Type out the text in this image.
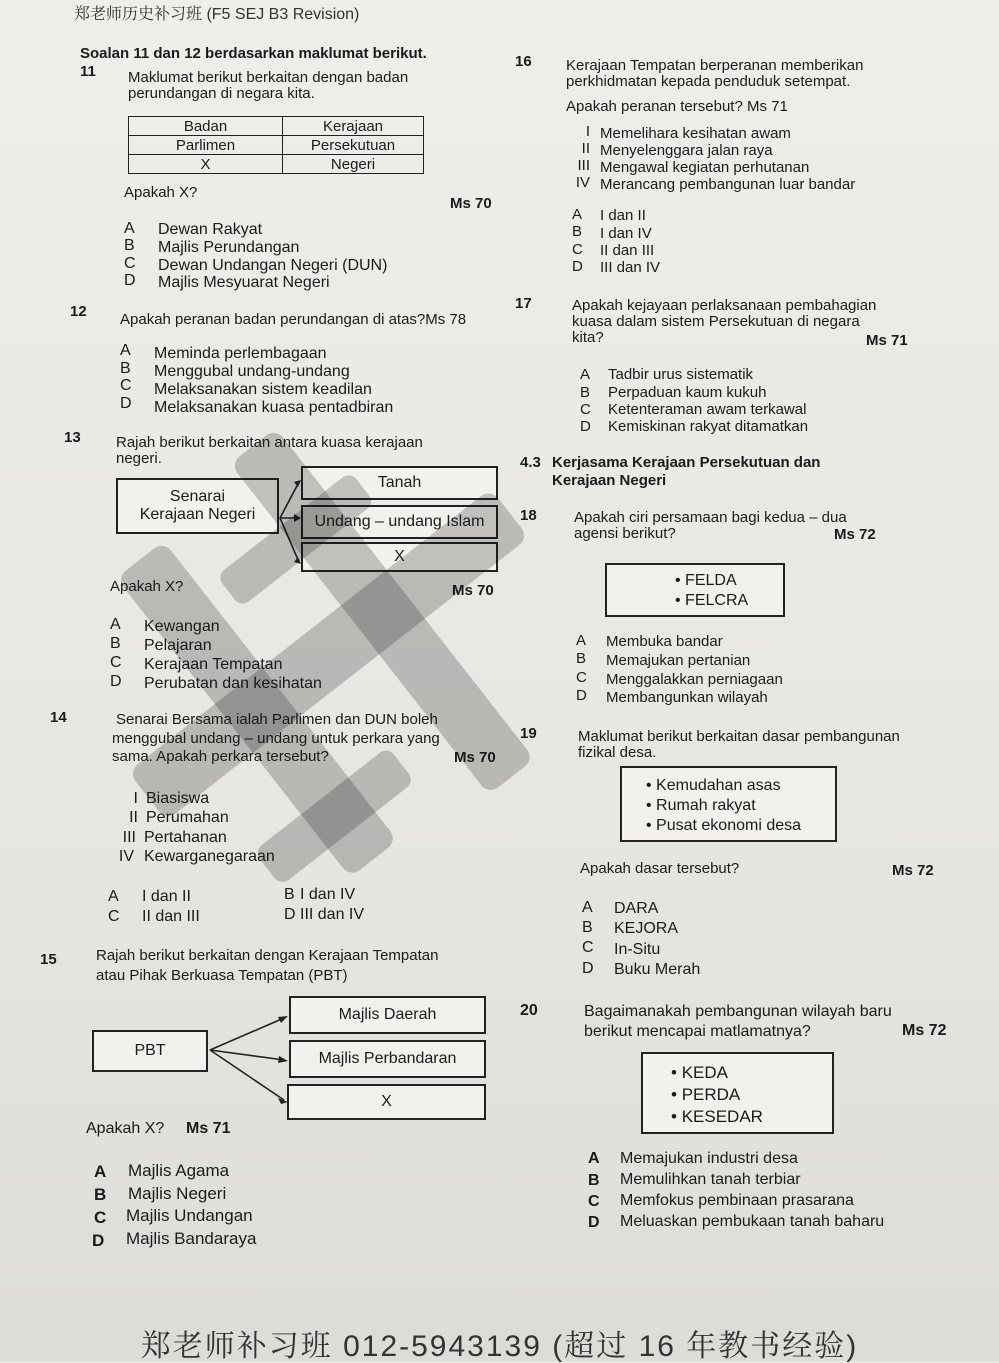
郑老师历史补习班 (F5 SEJ B3 Revision)
Soalan 11 dan 12 berdasarkan maklumat berikut.
11 Maklumat berikut berkaitan dengan badan
perundangan di negara kita.
Badan	Kerajaan
Parlimen	Persekutuan
X	Negeri
Apakah X?
Ms 70
A Dewan Rakyat
B Majlis Perundangan
C Dewan Undangan Negeri (DUN)
D Majlis Mesyuarat Negeri
12 Apakah peranan badan perundangan di atas?Ms 78
A Meminda perlembagaan
B Menggubal undang-undang
C Melaksanakan sistem keadilan
D Melaksanakan kuasa pentadbiran
13 Rajah berikut berkaitan antara kuasa kerajaan
negeri.
Senarai
Kerajaan Negeri
Tanah
Undang – undang Islam
X
Apakah X?	Ms 70
A Kewangan
B Pelajaran
C Kerajaan Tempatan
D Perubatan dan kesihatan
14	Senarai Bersama ialah Parlimen dan DUN boleh
menggubal undang – undang untuk perkara yang
sama. Apakah perkara tersebut?	Ms 70
I Biasiswa
II Perumahan
III Pertahanan
IV Kewarganegaraan
A I dan II	B I dan IV
C II dan III	D III dan IV
15	Rajah berikut berkaitan dengan Kerajaan Tempatan
atau Pihak Berkuasa Tempatan (PBT)
PBT
Majlis Daerah
Majlis Perbandaran
X
Apakah X? Ms 71
A Majlis Agama
B Majlis Negeri
C Majlis Undangan
D Majlis Bandaraya
16 Kerajaan Tempatan berperanan memberikan
perkhidmatan kepada penduduk setempat.
Apakah peranan tersebut? Ms 71
I Memelihara kesihatan awam
II Menyelenggara jalan raya
III Mengawal kegiatan perhutanan
IV Merancang pembangunan luar bandar
A I dan II
B I dan IV
C II dan III
D III dan IV
17	Apakah kejayaan perlaksanaan pembahagian
kuasa dalam sistem Persekutuan di negara
kita?	Ms 71
A Tadbir urus sistematik
B Perpaduan kaum kukuh
C Ketenteraman awam terkawal
D Kemiskinan rakyat ditamatkan
4.3 Kerjasama Kerajaan Persekutuan dan
Kerajaan Negeri
18 Apakah ciri persamaan bagi kedua – dua
agensi berikut?	Ms 72
• FELDA
• FELCRA
A Membuka bandar
B Memajukan pertanian
C Menggalakkan perniagaan
D Membangunkan wilayah
19	Maklumat berikut berkaitan dasar pembangunan
fizikal desa.
• Kemudahan asas
• Rumah rakyat
• Pusat ekonomi desa
Apakah dasar tersebut?	Ms 72
A DARA
B KEJORA
C In-Situ
D Buku Merah
20	Bagaimanakah pembangunan wilayah baru
berikut mencapai matlamatnya?	Ms 72
• KEDA
• PERDA
• KESEDAR
A Memajukan industri desa
B Memulihkan tanah terbiar
C Memfokus pembinaan prasarana
D Meluaskan pembukaan tanah baharu
郑老师补习班 012-5943139 (超过 16 年教书经验)
